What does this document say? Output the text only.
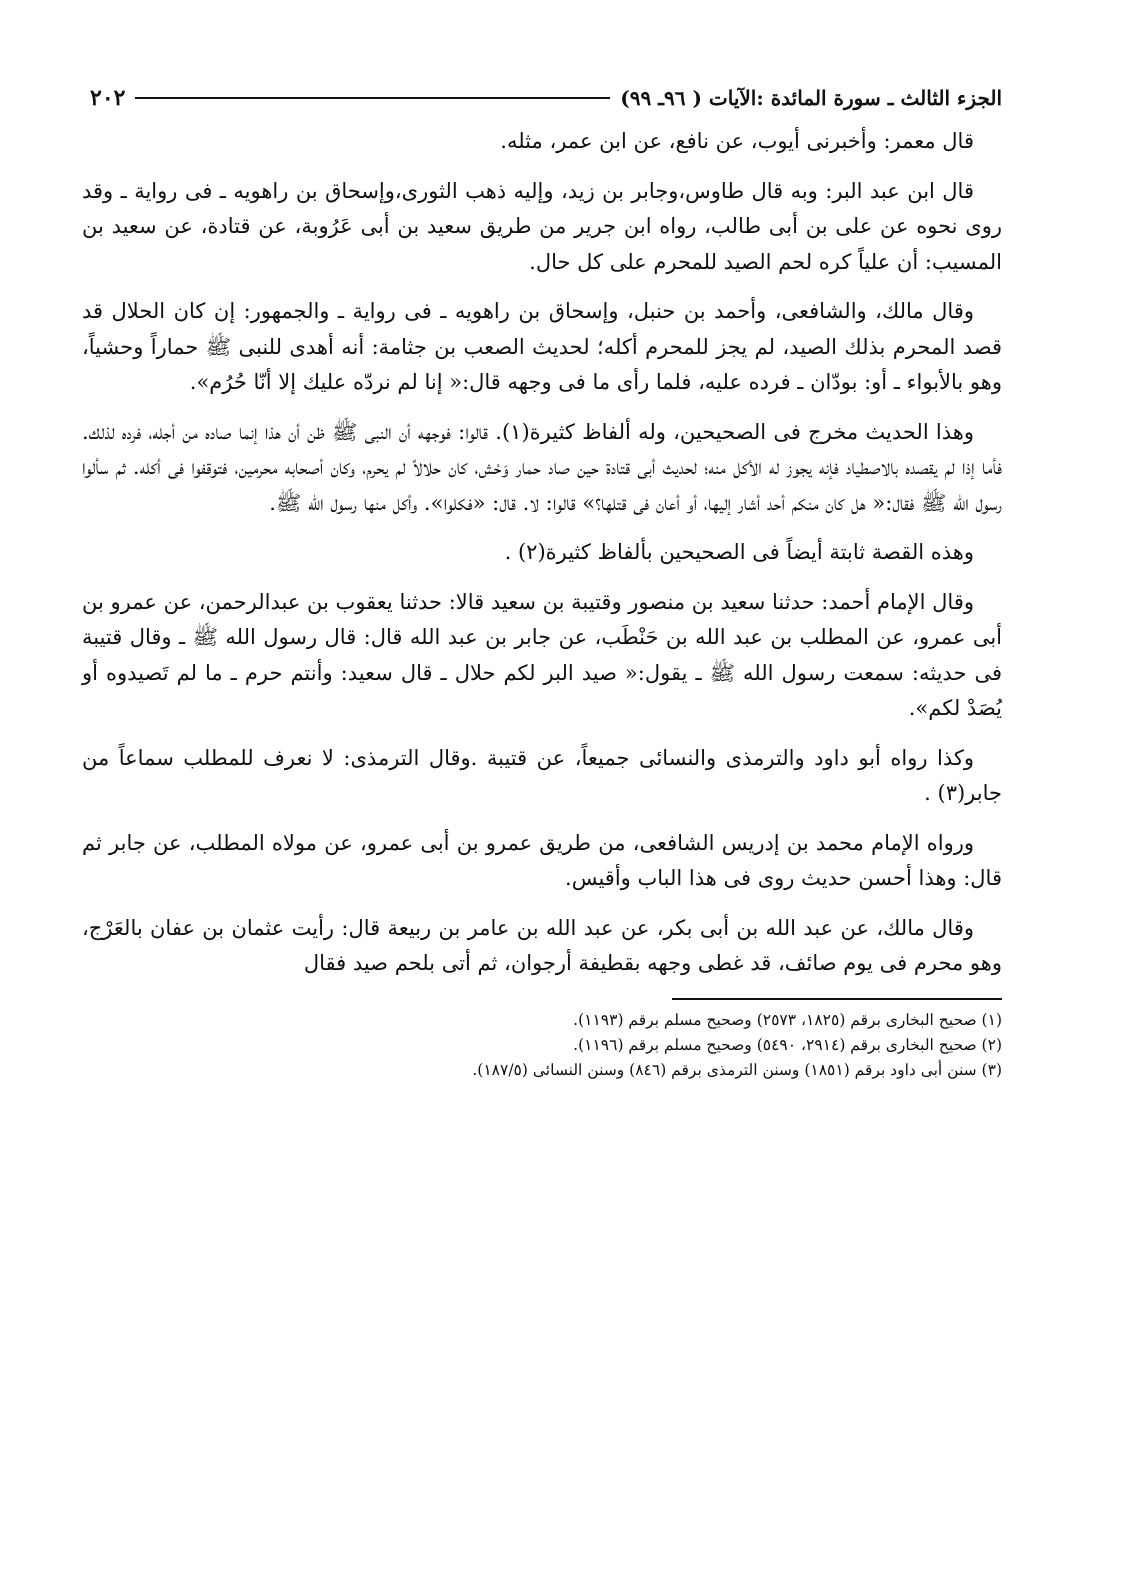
الجزء الثالث ـ سورة المائدة :الآيات ( ٩٦ـ ٩٩)
٢٠٢

قال معمر: وأخبرنى أيوب، عن نافع، عن ابن عمر، مثله.

قال ابن عبد البر: وبه قال طاوس،وجابر بن زيد، وإليه ذهب الثورى،وإسحاق بن راهويه ـ فى رواية ـ وقد روى نحوه عن على بن أبى طالب، رواه ابن جرير من طريق سعيد بن أبى عَرُوبة، عن قتادة، عن سعيد بن المسيب: أن علياً كره لحم الصيد للمحرم على كل حال.

وقال مالك، والشافعى، وأحمد بن حنبل، وإسحاق بن راهويه ـ فى رواية ـ والجمهور: إن كان الحلال قد قصد المحرم بذلك الصيد، لم يجز للمحرم أكله؛ لحديث الصعب بن جثامة: أنه أهدى للنبى ﷺ حماراً وحشياً، وهو بالأبواء ـ أو: بودّان ـ فرده عليه، فلما رأى ما فى وجهه قال:« إنا لم نردّه عليك إلا أنّا حُرُم».

وهذا الحديث مخرج فى الصحيحين، وله ألفاظ كثيرة(١). قالوا: فوجهه أن النبى ﷺ ظن أن هذا إنما صاده من أجله، فرده لذلك. فأما إذا لم يقصده بالاصطياد فإنه يجوز له الأكل منه؛ لحديث أبى قتادة حين صاد حمار وَحْش، كان حلالاً لم يحرم، وكان أصحابه محرمين، فتوقفوا فى أكله. ثم سألوا رسول الله ﷺ فقال:« هل كان منكم أحد أشار إليها، أو أعان فى قتلها؟» قالوا: لا. قال: «فكلوا». وأكل منها رسول الله ﷺ.

وهذه القصة ثابتة أيضاً فى الصحيحين بألفاظ كثيرة(٢) .

وقال الإمام أحمد: حدثنا سعيد بن منصور وقتيبة بن سعيد قالا: حدثنا يعقوب بن عبدالرحمن، عن عمرو بن أبى عمرو، عن المطلب بن عبد الله بن حَنْطَب، عن جابر بن عبد الله قال: قال رسول الله ﷺ ـ وقال قتيبة فى حديثه: سمعت رسول الله ﷺ ـ يقول:« صيد البر لكم حلال ـ قال سعيد: وأنتم حرم ـ ما لم تَصيدوه أو يُصَدْ لكم».

وكذا رواه أبو داود والترمذى والنسائى جميعاً، عن قتيبة .وقال الترمذى: لا نعرف للمطلب سماعاً من جابر(٣) .

ورواه الإمام محمد بن إدريس الشافعى، من طريق عمرو بن أبى عمرو، عن مولاه المطلب، عن جابر ثم قال: وهذا أحسن حديث روى فى هذا الباب وأقيس.

وقال مالك، عن عبد الله بن أبى بكر، عن عبد الله بن عامر بن ربيعة قال: رأيت عثمان بن عفان بالعَرْج، وهو محرم فى يوم صائف، قد غطى وجهه بقطيفة أرجوان، ثم أتى بلحم صيد فقال

(١) صحيح البخارى برقم (١٨٢٥، ٢٥٧٣) وصحيح مسلم برقم (١١٩٣).

(٢) صحيح البخارى برقم (٢٩١٤، ٥٤٩٠) وصحيح مسلم برقم (١١٩٦).

(٣) سنن أبى داود برقم (١٨٥١) وسنن الترمذى برقم (٨٤٦) وسنن النسائى (١٨٧/٥).
